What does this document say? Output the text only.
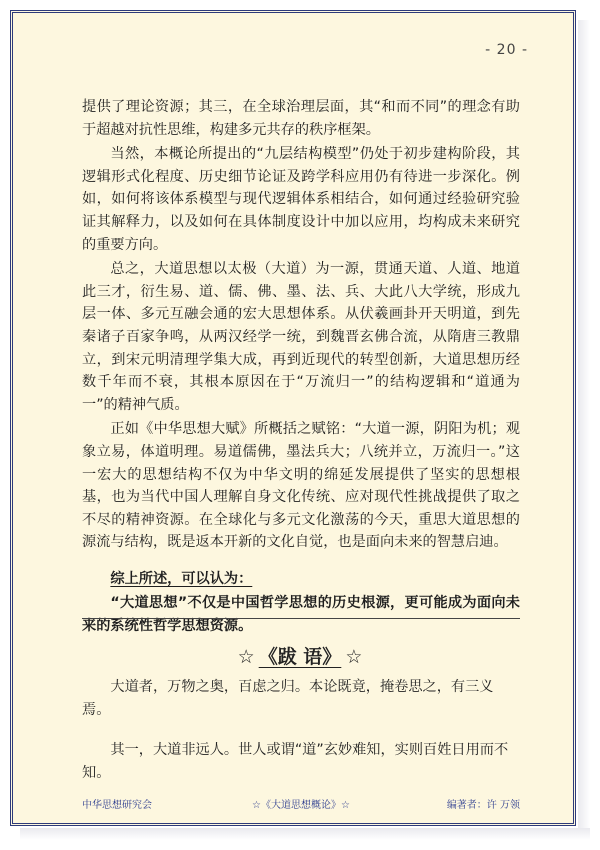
- 20 -

提供了理论资源；其三，在全球治理层面，其“和而不同”的理念有助于超越对抗性思维，构建多元共存的秩序框架。

当然，本概论所提出的“九层结构模型”仍处于初步建构阶段，其逻辑形式化程度、历史细节论证及跨学科应用仍有待进一步深化。例如，如何将该体系模型与现代逻辑体系相结合，如何通过经验研究验证其解释力，以及如何在具体制度设计中加以应用，均构成未来研究的重要方向。

总之，大道思想以太极（大道）为一源，贯通天道、人道、地道此三才，衍生易、道、儒、佛、墨、法、兵、大此八大学统，形成九层一体、多元互融会通的宏大思想体系。从伏羲画卦开天明道，到先秦诸子百家争鸣，从两汉经学一统，到魏晋玄佛合流，从隋唐三教鼎立，到宋元明清理学集大成，再到近现代的转型创新，大道思想历经数千年而不衰，其根本原因在于“万流归一”的结构逻辑和“道通为一”的精神气质。

正如《中华思想大赋》所概括之赋铭：“大道一源，阴阳为机；观象立易，体道明理。易道儒佛，墨法兵大；八统并立，万流归一。”这一宏大的思想结构不仅为中华文明的绵延发展提供了坚实的思想根基，也为当代中国人理解自身文化传统、应对现代性挑战提供了取之不尽的精神资源。在全球化与多元文化激荡的今天，重思大道思想的源流与结构，既是返本开新的文化自觉，也是面向未来的智慧启迪。

综上所述，可以认为：

“大道思想”不仅是中国哲学思想的历史根源，更可能成为面向未来的系统性哲学思想资源。

☆ 《跋 语》 ☆

大道者，万物之奥，百虑之归。本论既竟，掩卷思之，有三义焉。

其一，大道非远人。世人或谓“道”玄妙难知，实则百姓日用而不知。

中华思想研究会	☆《大道思想概论》☆	编著者：许 万领
